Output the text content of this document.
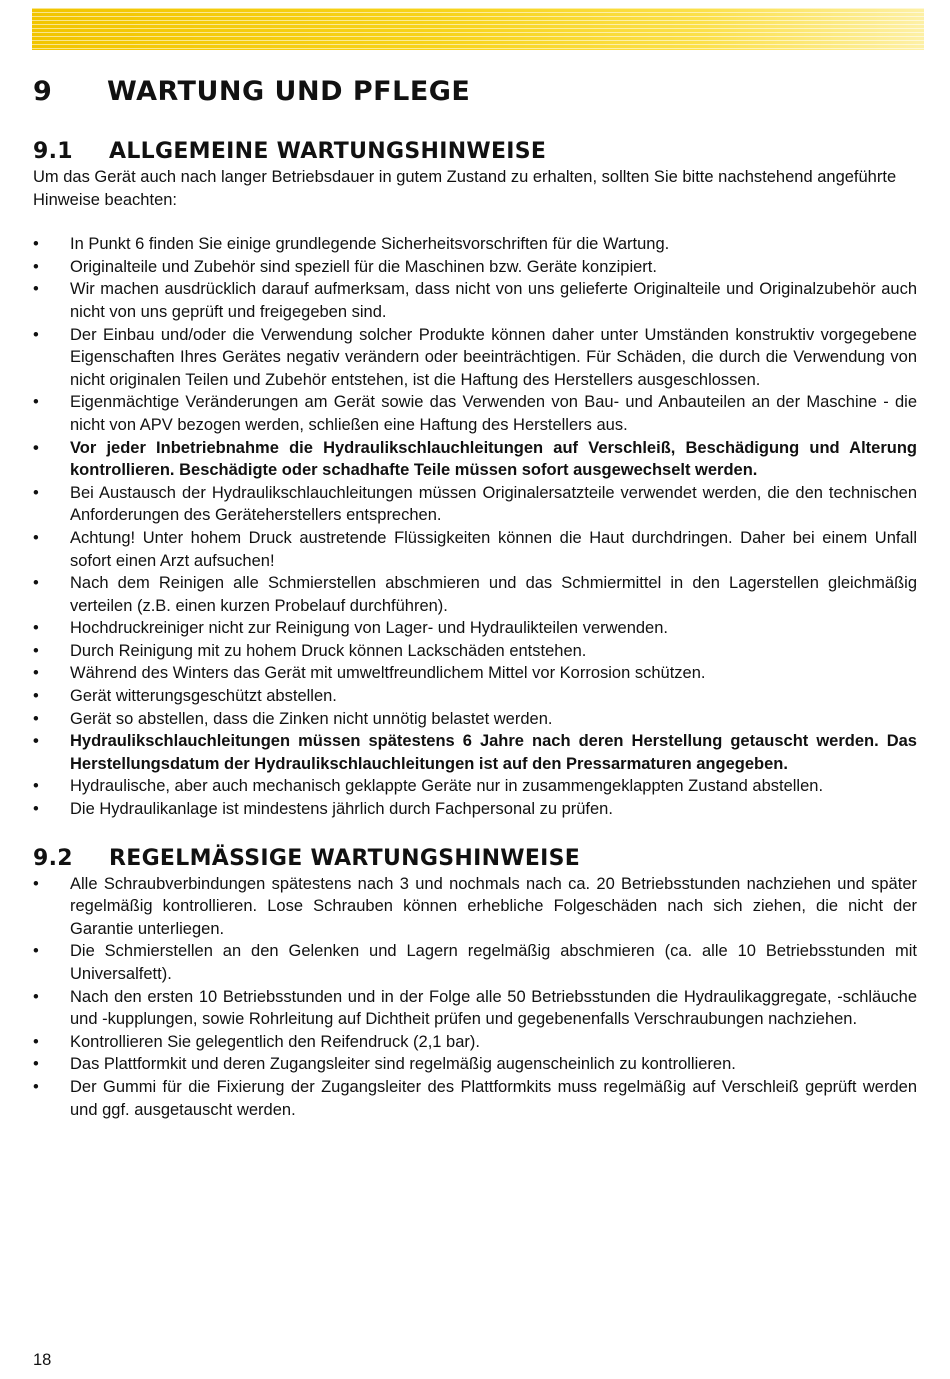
9 WARTUNG UND PFLEGE
9.1 ALLGEMEINE WARTUNGSHINWEISE

Um das Gerät auch nach langer Betriebsdauer in gutem Zustand zu erhalten, sollten Sie bitte nachstehend angeführte Hinweise beachten:

• In Punkt 6 finden Sie einige grundlegende Sicherheitsvorschriften für die Wartung.
• Originalteile und Zubehör sind speziell für die Maschinen bzw. Geräte konzipiert.
• Wir machen ausdrücklich darauf aufmerksam, dass nicht von uns gelieferte Originalteile und Originalzubehör auch nicht von uns geprüft und freigegeben sind.
• Der Einbau und/oder die Verwendung solcher Produkte können daher unter Umständen konstruktiv vorgegebene Eigenschaften Ihres Gerätes negativ verändern oder beeinträchtigen. Für Schäden, die durch die Verwendung von nicht originalen Teilen und Zubehör entstehen, ist die Haftung des Herstellers ausgeschlossen.
• Eigenmächtige Veränderungen am Gerät sowie das Verwenden von Bau- und Anbauteilen an der Maschine - die nicht von APV bezogen werden, schließen eine Haftung des Herstellers aus.
• Vor jeder Inbetriebnahme die Hydraulikschlauchleitungen auf Verschleiß, Beschädigung und Alterung kontrollieren. Beschädigte oder schadhafte Teile müssen sofort ausgewechselt werden.
• Bei Austausch der Hydraulikschlauchleitungen müssen Originalersatzteile verwendet werden, die den technischen Anforderungen des Geräteherstellers entsprechen.
• Achtung! Unter hohem Druck austretende Flüssigkeiten können die Haut durchdringen. Daher bei einem Unfall sofort einen Arzt aufsuchen!
• Nach dem Reinigen alle Schmierstellen abschmieren und das Schmiermittel in den Lagerstellen gleichmäßig verteilen (z.B. einen kurzen Probelauf durchführen).
• Hochdruckreiniger nicht zur Reinigung von Lager- und Hydraulikteilen verwenden.
• Durch Reinigung mit zu hohem Druck können Lackschäden entstehen.
• Während des Winters das Gerät mit umweltfreundlichem Mittel vor Korrosion schützen.
• Gerät witterungsgeschützt abstellen.
• Gerät so abstellen, dass die Zinken nicht unnötig belastet werden.
• Hydraulikschlauchleitungen müssen spätestens 6 Jahre nach deren Herstellung getauscht werden. Das Herstellungsdatum der Hydraulikschlauchleitungen ist auf den Pressarmaturen angegeben.
• Hydraulische, aber auch mechanisch geklappte Geräte nur in zusammengeklappten Zustand abstellen.
• Die Hydraulikanlage ist mindestens jährlich durch Fachpersonal zu prüfen.
9.2 REGELMÄSSIGE WARTUNGSHINWEISE
• Alle Schraubverbindungen spätestens nach 3 und nochmals nach ca. 20 Betriebsstunden nachziehen und später regelmäßig kontrollieren. Lose Schrauben können erhebliche Folgeschäden nach sich ziehen, die nicht der Garantie unterliegen.
• Die Schmierstellen an den Gelenken und Lagern regelmäßig abschmieren (ca. alle 10 Betriebsstunden mit Universalfett).
• Nach den ersten 10 Betriebsstunden und in der Folge alle 50 Betriebsstunden die Hydraulikaggregate, -schläuche und -kupplungen, sowie Rohrleitung auf Dichtheit prüfen und gegebenenfalls Verschraubungen nachziehen.
• Kontrollieren Sie gelegentlich den Reifendruck (2,1 bar).
• Das Plattformkit und deren Zugangsleiter sind regelmäßig augenscheinlich zu kontrollieren.
• Der Gummi für die Fixierung der Zugangsleiter des Plattformkits muss regelmäßig auf Verschleiß geprüft werden und ggf. ausgetauscht werden.
18
